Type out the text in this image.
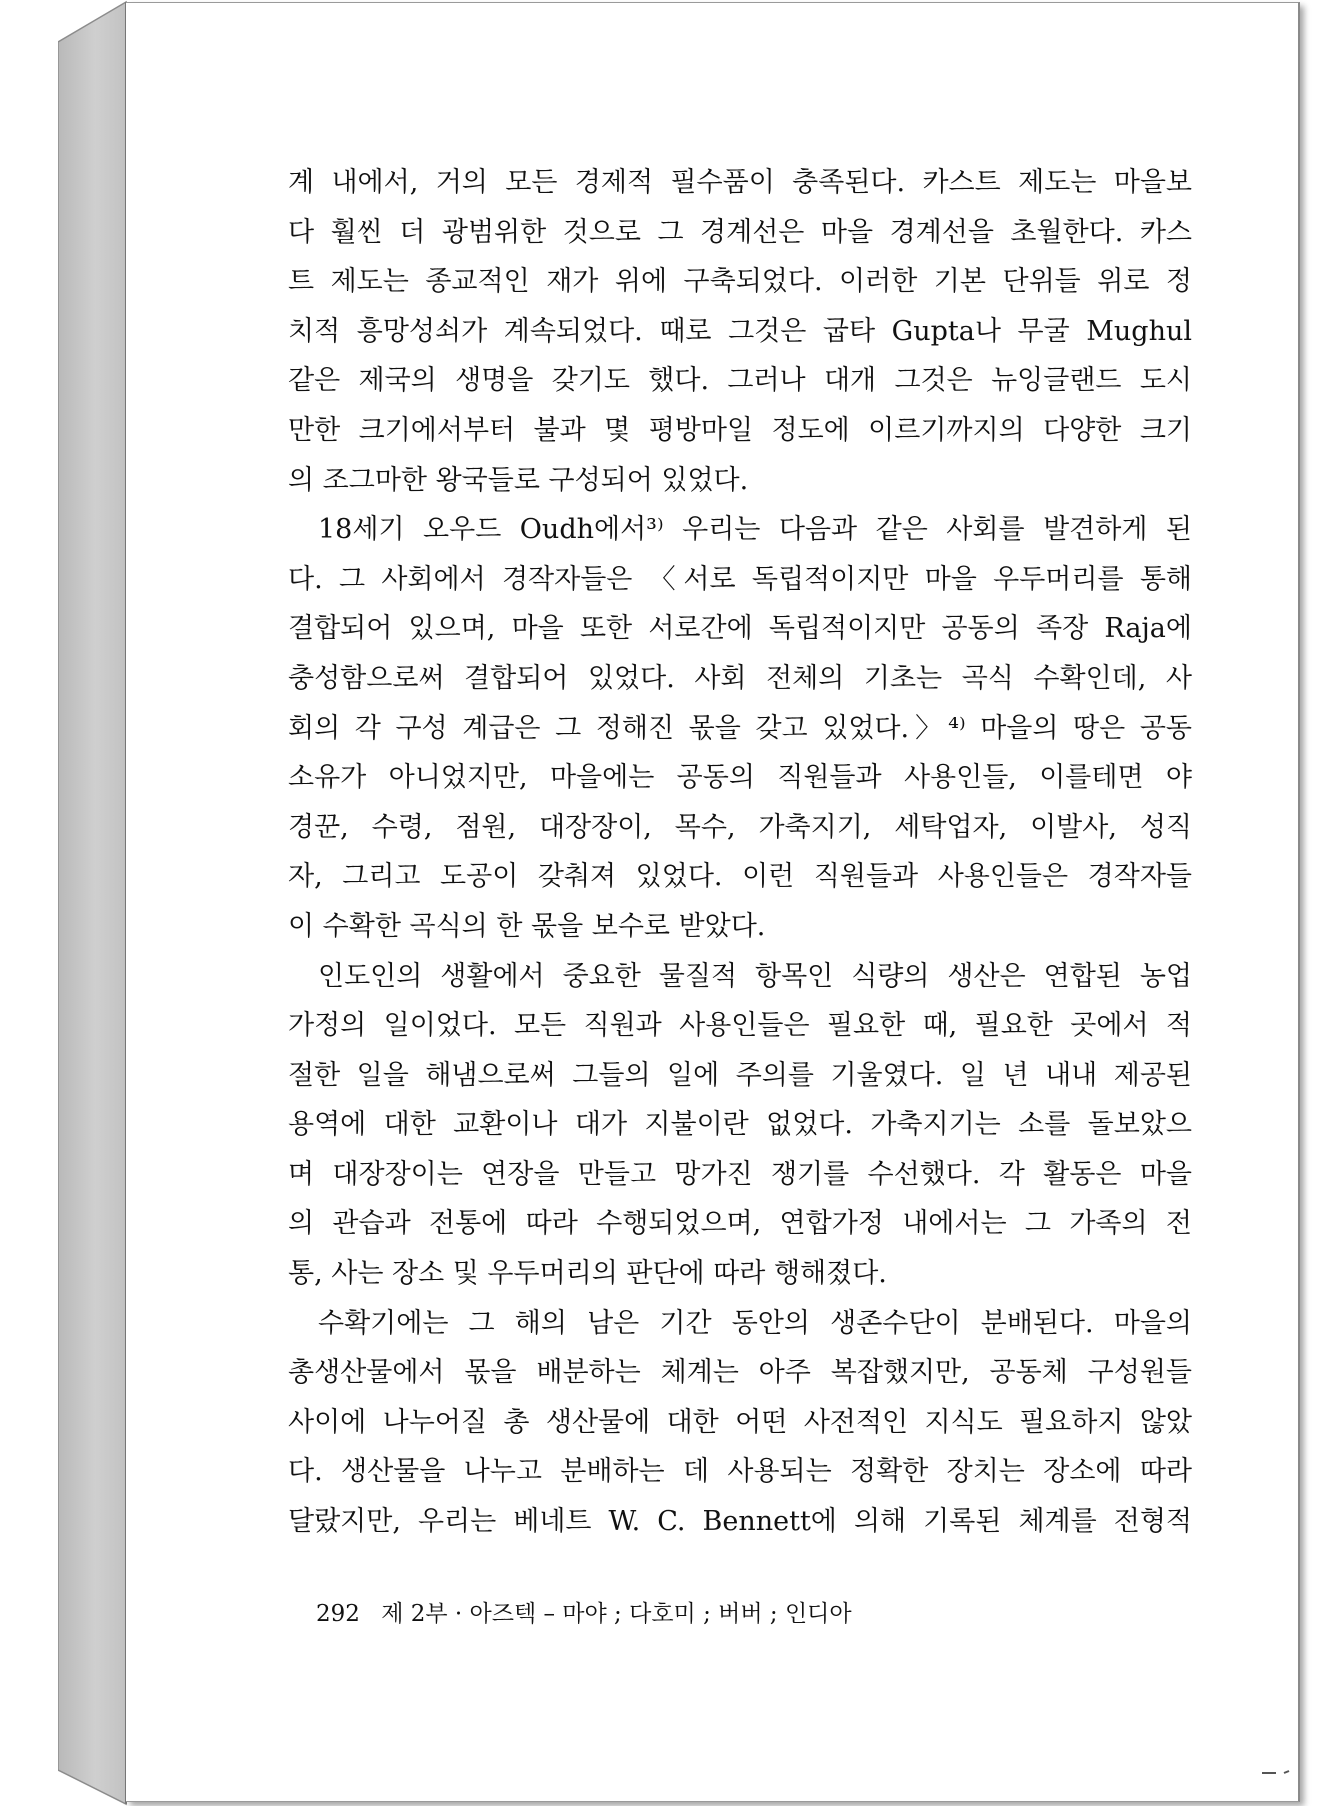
계 내에서, 거의 모든 경제적 필수품이 충족된다. 카스트 제도는 마을보
다 훨씬 더 광범위한 것으로 그 경계선은 마을 경계선을 초월한다. 카스
트 제도는 종교적인 재가 위에 구축되었다. 이러한 기본 단위들 위로 정
치적 흥망성쇠가 계속되었다. 때로 그것은 굽타 Gupta나 무굴 Mughul
같은 제국의 생명을 갖기도 했다. 그러나 대개 그것은 뉴잉글랜드 도시
만한 크기에서부터 불과 몇 평방마일 정도에 이르기까지의 다양한 크기
의 조그마한 왕국들로 구성되어 있었다.
18세기 오우드 Oudh에서³⁾ 우리는 다음과 같은 사회를 발견하게 된
다. 그 사회에서 경작자들은 〈서로 독립적이지만 마을 우두머리를 통해
결합되어 있으며, 마을 또한 서로간에 독립적이지만 공동의 족장 Raja에
충성함으로써 결합되어 있었다. 사회 전체의 기초는 곡식 수확인데, 사
회의 각 구성 계급은 그 정해진 몫을 갖고 있었다.〉⁴⁾ 마을의 땅은 공동
소유가 아니었지만, 마을에는 공동의 직원들과 사용인들, 이를테면 야
경꾼, 수령, 점원, 대장장이, 목수, 가축지기, 세탁업자, 이발사, 성직
자, 그리고 도공이 갖춰져 있었다. 이런 직원들과 사용인들은 경작자들
이 수확한 곡식의 한 몫을 보수로 받았다.
인도인의 생활에서 중요한 물질적 항목인 식량의 생산은 연합된 농업
가정의 일이었다. 모든 직원과 사용인들은 필요한 때, 필요한 곳에서 적
절한 일을 해냄으로써 그들의 일에 주의를 기울였다. 일 년 내내 제공된
용역에 대한 교환이나 대가 지불이란 없었다. 가축지기는 소를 돌보았으
며 대장장이는 연장을 만들고 망가진 쟁기를 수선했다. 각 활동은 마을
의 관습과 전통에 따라 수행되었으며, 연합가정 내에서는 그 가족의 전
통, 사는 장소 및 우두머리의 판단에 따라 행해졌다.
수확기에는 그 해의 남은 기간 동안의 생존수단이 분배된다. 마을의
총생산물에서 몫을 배분하는 체계는 아주 복잡했지만, 공동체 구성원들
사이에 나누어질 총 생산물에 대한 어떤 사전적인 지식도 필요하지 않았
다. 생산물을 나누고 분배하는 데 사용되는 정확한 장치는 장소에 따라
달랐지만, 우리는 베네트 W. C. Bennett에 의해 기록된 체계를 전형적
292 제 2부 · 아즈텍 – 마야 ; 다호미 ; 버버 ; 인디아
